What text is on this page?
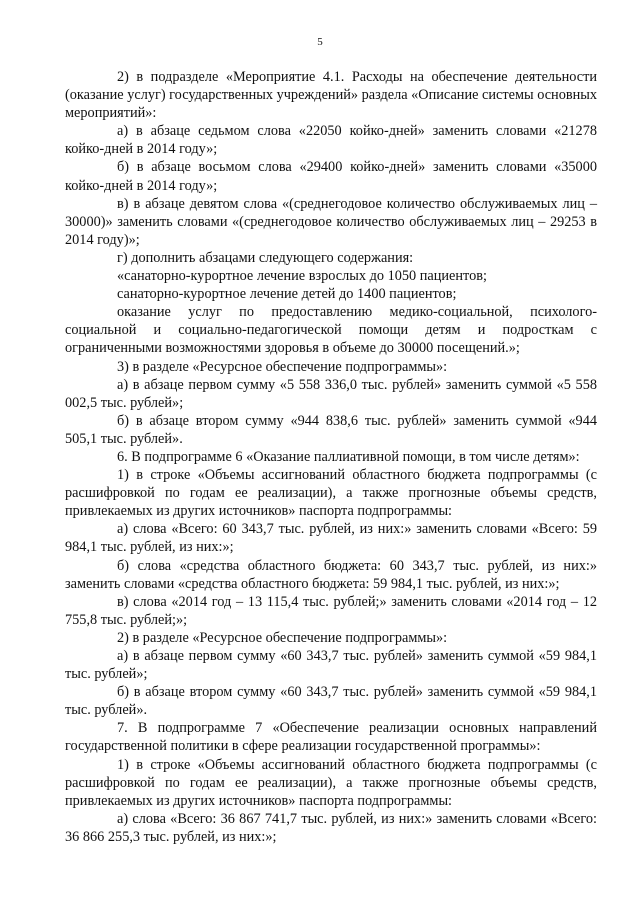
5

2) в подразделе «Мероприятие 4.1. Расходы на обеспечение деятельности (оказание услуг) государственных учреждений» раздела «Описание системы основных мероприятий»:

а) в абзаце седьмом слова «22050 койко-дней» заменить словами «21278 койко-дней в 2014 году»;

б) в абзаце восьмом слова «29400 койко-дней» заменить словами «35000 койко-дней в 2014 году»;

в) в абзаце девятом слова «(среднегодовое количество обслуживаемых лиц – 30000)» заменить словами «(среднегодовое количество обслуживаемых лиц – 29253 в 2014 году)»;

г) дополнить абзацами следующего содержания:

«санаторно-курортное лечение взрослых до 1050 пациентов;

санаторно-курортное лечение детей до 1400 пациентов;

оказание услуг по предоставлению медико-социальной, психолого-социальной и социально-педагогической помощи детям и подросткам с ограниченными возможностями здоровья в объеме до 30000 посещений.»;

3) в разделе «Ресурсное обеспечение подпрограммы»:

а) в абзаце первом сумму «5 558 336,0 тыс. рублей» заменить суммой «5 558 002,5 тыс. рублей»;

б) в абзаце втором сумму «944 838,6 тыс. рублей» заменить суммой «944 505,1 тыс. рублей».

6. В подпрограмме 6 «Оказание паллиативной помощи, в том числе детям»:

1) в строке «Объемы ассигнований областного бюджета подпрограммы (с расшифровкой по годам ее реализации), а также прогнозные объемы средств, привлекаемых из других источников» паспорта подпрограммы:

а) слова «Всего: 60 343,7 тыс. рублей, из них:» заменить словами «Всего: 59 984,1 тыс. рублей, из них:»;

б) слова «средства областного бюджета: 60 343,7 тыс. рублей, из них:» заменить словами «средства областного бюджета: 59 984,1 тыс. рублей, из них:»;

в) слова «2014 год – 13 115,4 тыс. рублей;» заменить словами «2014 год – 12 755,8 тыс. рублей;»;

2) в разделе «Ресурсное обеспечение подпрограммы»:

а) в абзаце первом сумму «60 343,7 тыс. рублей» заменить суммой «59 984,1 тыс. рублей»;

б) в абзаце втором сумму «60 343,7 тыс. рублей» заменить суммой «59 984,1 тыс. рублей».

7. В подпрограмме 7 «Обеспечение реализации основных направлений государственной политики в сфере реализации государственной программы»:

1) в строке «Объемы ассигнований областного бюджета подпрограммы (с расшифровкой по годам ее реализации), а также прогнозные объемы средств, привлекаемых из других источников» паспорта подпрограммы:

а) слова «Всего: 36 867 741,7 тыс. рублей, из них:» заменить словами «Всего: 36 866 255,3 тыс. рублей, из них:»;
